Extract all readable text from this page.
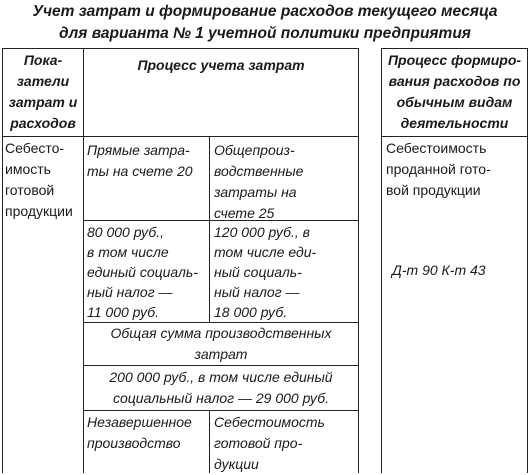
Учет затрат и формирование расходов текущего месяца
для варианта № 1 учетной политики предприятия
Пока-
затели
затрат и
расходов
Процесс учета затрат	Процесс формиро-
вания расходов по
обычным видам
деятельности
Себесто-
имость
готовой
продукции
Прямые затра-
ты на счете 20
Общепроиз-
водственные
затраты на
счете 25
80 000 руб.,
в том числе
единый социаль-
ный налог —
11 000 руб.
120 000 руб., в
том числе еди-
ный социаль-
ный налог —
18 000 руб.
Общая сумма производственных
затрат
200 000 руб., в том числе единый
социальный налог — 29 000 руб.
Незавершенное
производство
Себестоимость
готовой про-
дукции
Себестоимость
проданной гото-
вой продукции
Д-т 90 К-т 43
